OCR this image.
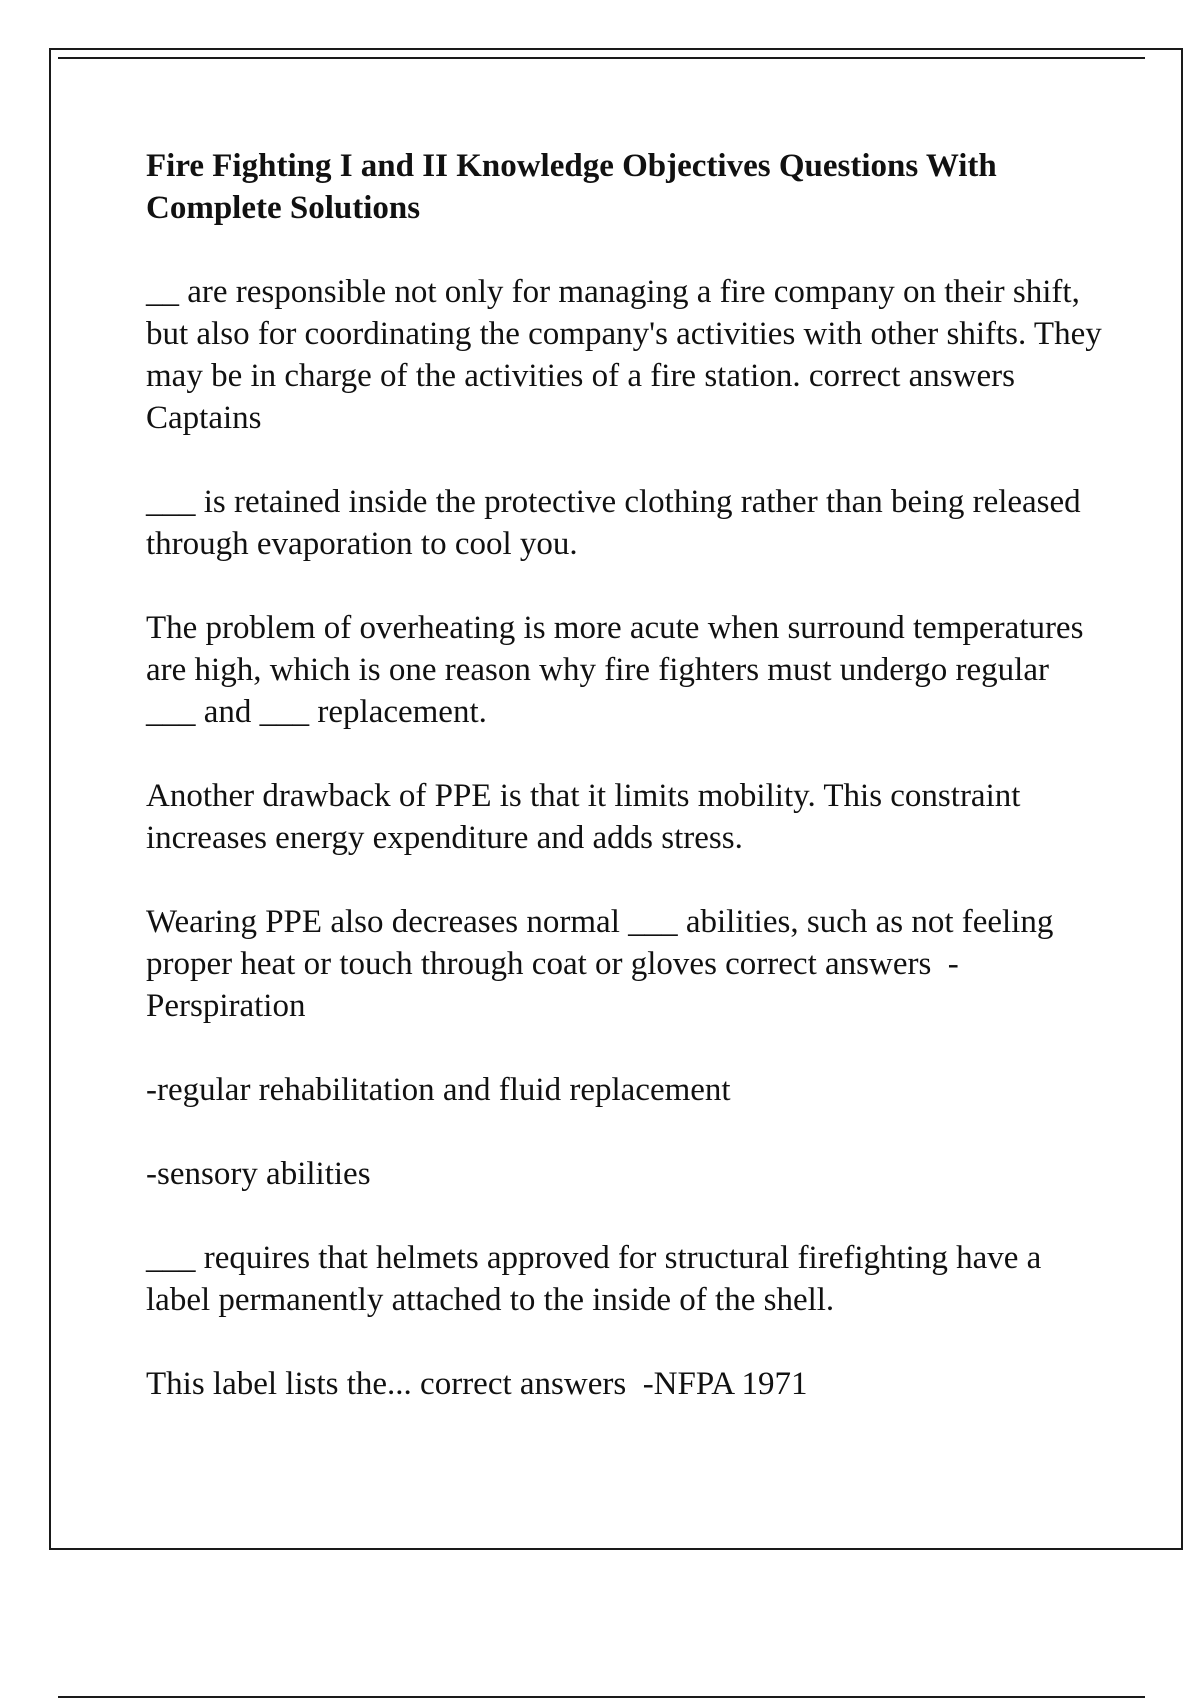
Fire Fighting I and II Knowledge Objectives Questions With Complete Solutions

__ are responsible not only for managing a fire company on their shift, but also for coordinating the company's activities with other shifts. They may be in charge of the activities of a fire station. correct answers  Captains

___ is retained inside the protective clothing rather than being released through evaporation to cool you.

The problem of overheating is more acute when surround temperatures are high, which is one reason why fire fighters must undergo regular ___ and ___ replacement.

Another drawback of PPE is that it limits mobility. This constraint increases energy expenditure and adds stress.

Wearing PPE also decreases normal ___ abilities, such as not feeling proper heat or touch through coat or gloves correct answers  -Perspiration

-regular rehabilitation and fluid replacement

-sensory abilities

___ requires that helmets approved for structural firefighting have a label permanently attached to the inside of the shell.

This label lists the... correct answers  -NFPA 1971
